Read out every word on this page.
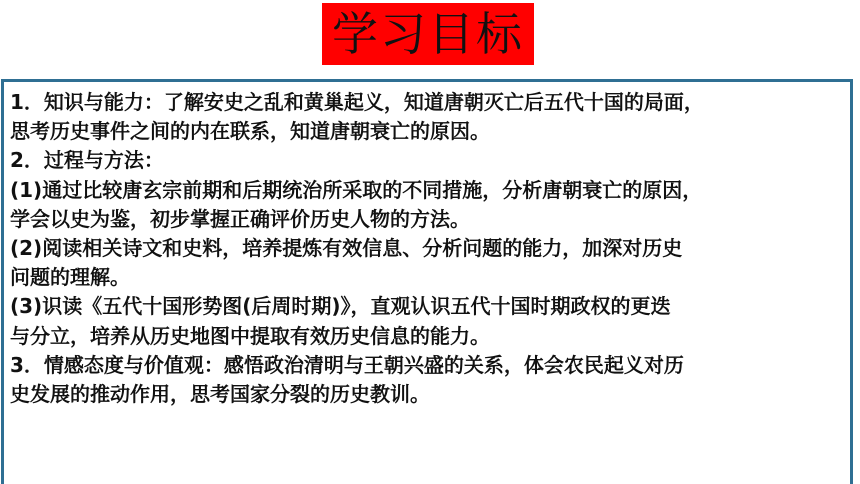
学习目标
1．知识与能力：了解安史之乱和黄巢起义，知道唐朝灭亡后五代十国的局面，
思考历史事件之间的内在联系，知道唐朝衰亡的原因。
2．过程与方法：
(1)通过比较唐玄宗前期和后期统治所采取的不同措施，分析唐朝衰亡的原因，
学会以史为鉴，初步掌握正确评价历史人物的方法。
(2)阅读相关诗文和史料，培养提炼有效信息、分析问题的能力，加深对历史
问题的理解。
(3)识读《五代十国形势图(后周时期)》，直观认识五代十国时期政权的更迭
与分立，培养从历史地图中提取有效历史信息的能力。
3．情感态度与价值观：感悟政治清明与王朝兴盛的关系，体会农民起义对历
史发展的推动作用，思考国家分裂的历史教训。
